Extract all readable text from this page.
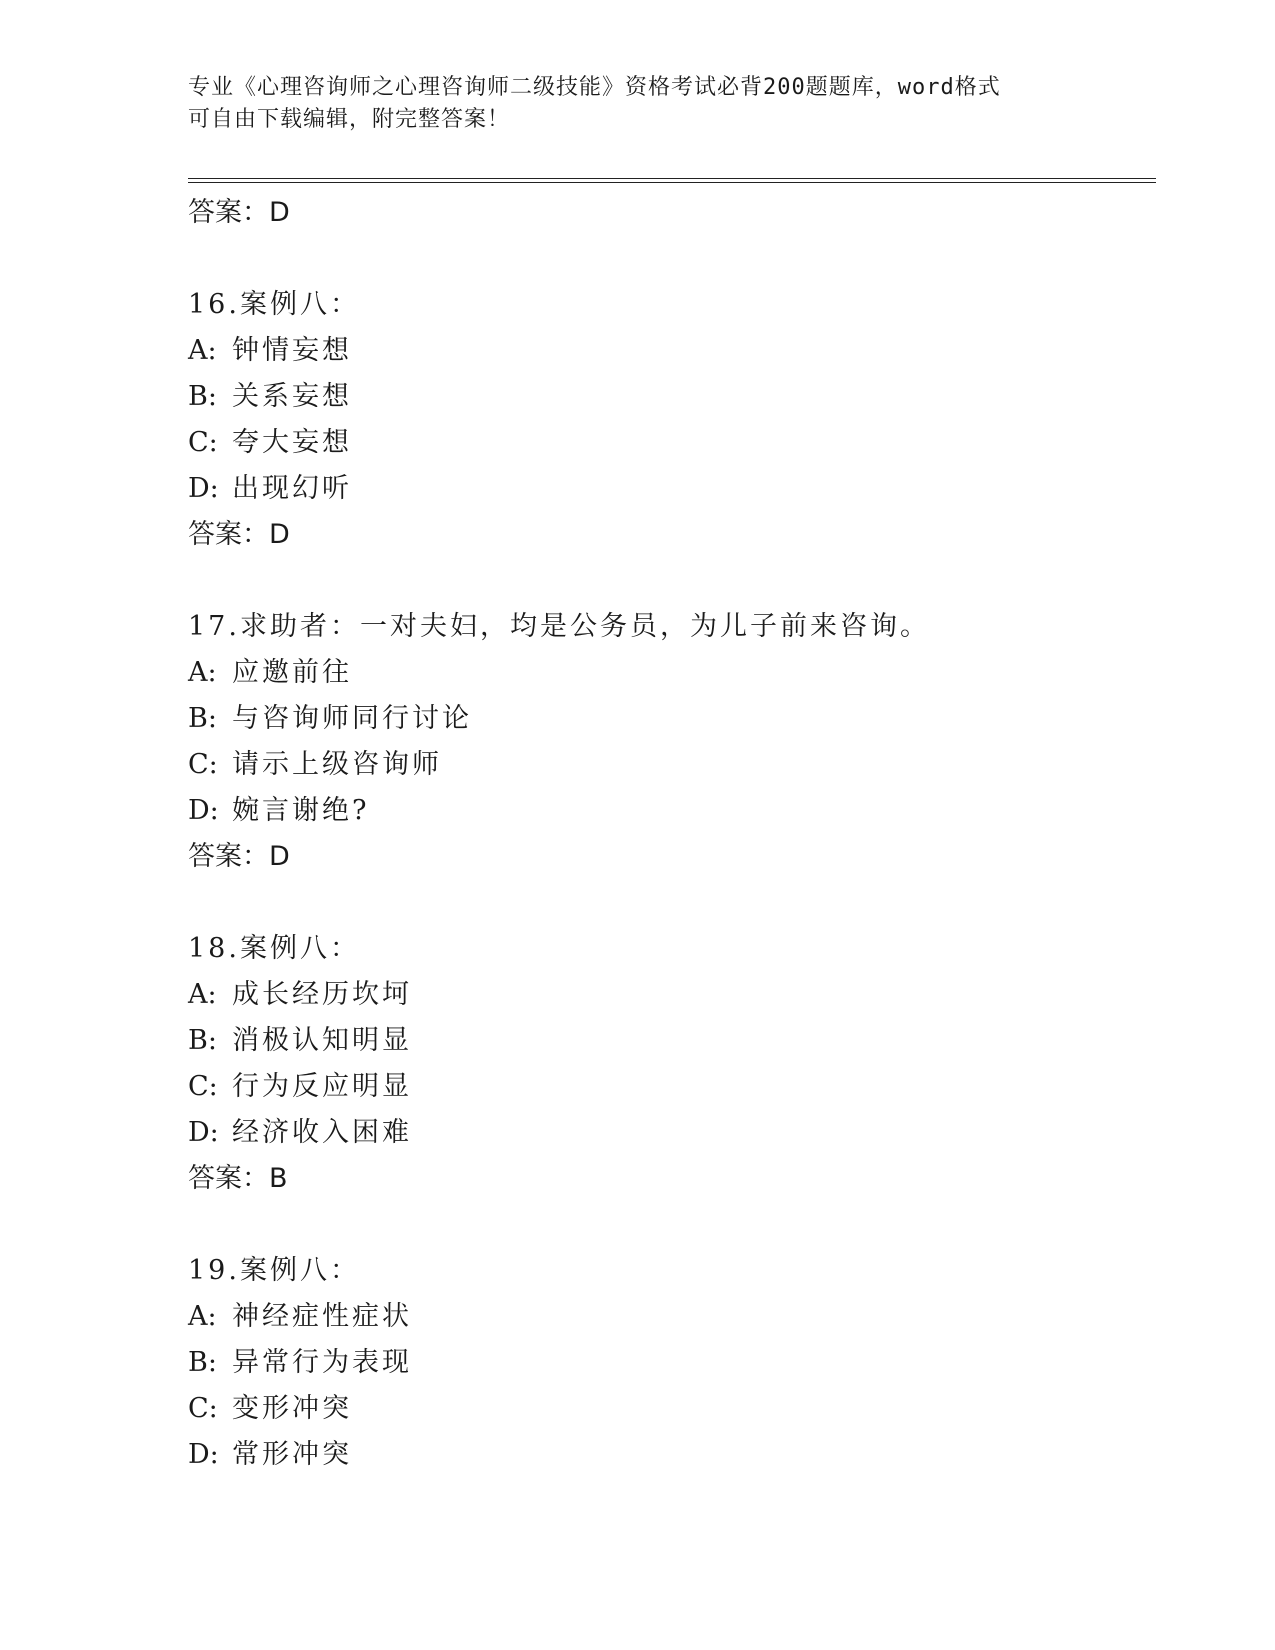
专业《心理咨询师之心理咨询师二级技能》资格考试必背200题题库，word格式
可自由下载编辑，附完整答案！
答案：D
16.案例八：
A: 钟情妄想
B: 关系妄想
C: 夸大妄想
D: 出现幻听
答案：D
17.求助者：一对夫妇，均是公务员，为儿子前来咨询。
A: 应邀前往
B: 与咨询师同行讨论
C: 请示上级咨询师
D: 婉言谢绝?
答案：D
18.案例八：
A: 成长经历坎坷
B: 消极认知明显
C: 行为反应明显
D: 经济收入困难
答案：B
19.案例八：
A: 神经症性症状
B: 异常行为表现
C: 变形冲突
D: 常形冲突
